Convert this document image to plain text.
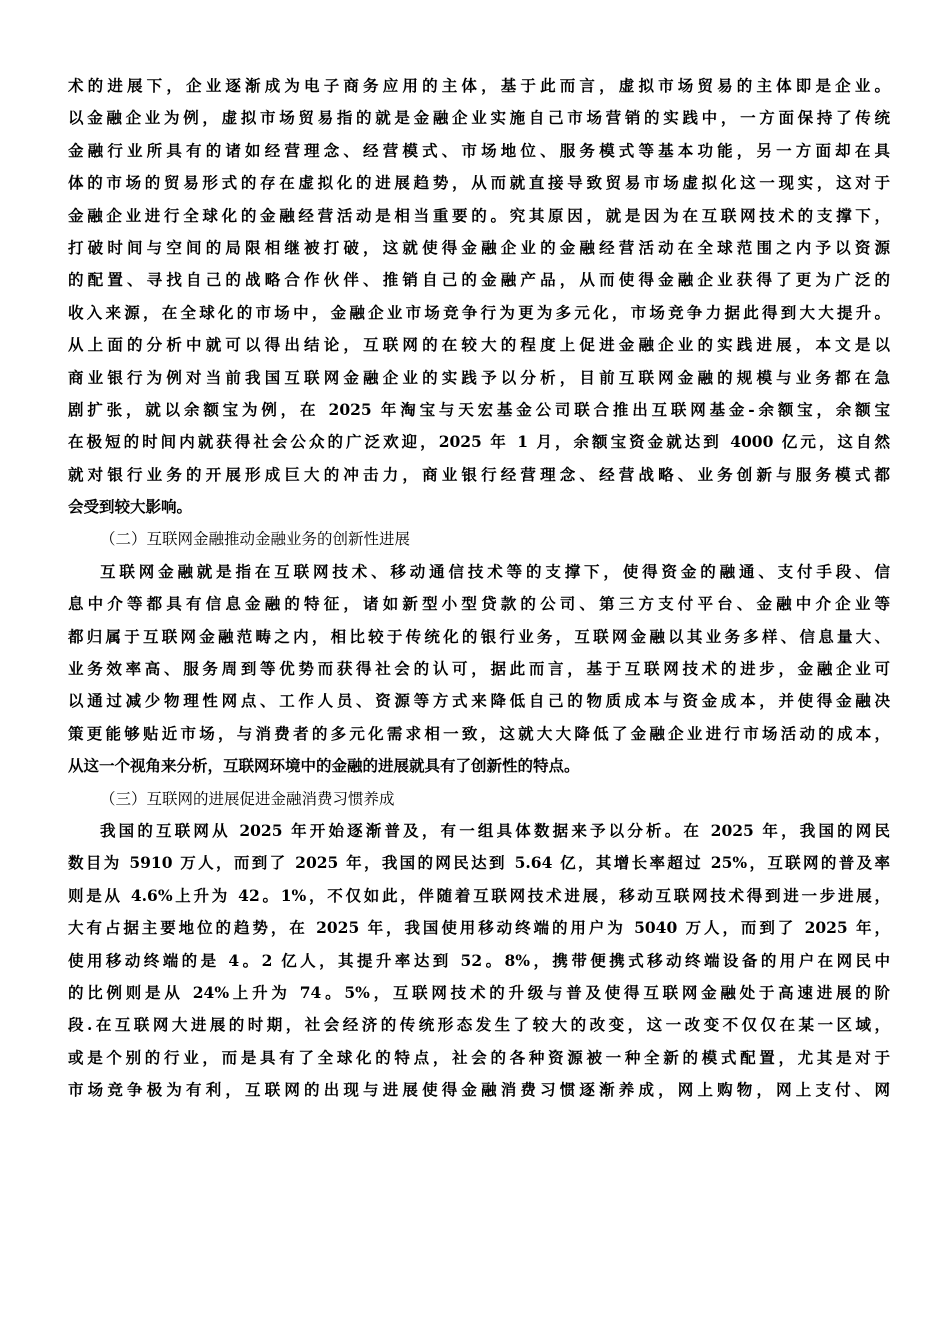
术的进展下，企业逐渐成为电子商务应用的主体，基于此而言，虚拟市场贸易的主体即是企业。
以金融企业为例，虚拟市场贸易指的就是金融企业实施自己市场营销的实践中，一方面保持了传统
金融行业所具有的诸如经营理念、经营模式、市场地位、服务模式等基本功能，另一方面却在具
体的市场的贸易形式的存在虚拟化的进展趋势，从而就直接导致贸易市场虚拟化这一现实，这对于
金融企业进行全球化的金融经营活动是相当重要的。究其原因，就是因为在互联网技术的支撑下，
打破时间与空间的局限相继被打破，这就使得金融企业的金融经营活动在全球范围之内予以资源
的配置、寻找自己的战略合作伙伴、推销自己的金融产品，从而使得金融企业获得了更为广泛的
收入来源，在全球化的市场中，金融企业市场竞争行为更为多元化，市场竞争力据此得到大大提升。
从上面的分析中就可以得出结论，互联网的在较大的程度上促进金融企业的实践进展，本文是以
商业银行为例对当前我国互联网金融企业的实践予以分析，目前互联网金融的规模与业务都在急
剧扩张，就以余额宝为例，在 2025 年淘宝与天宏基金公司联合推出互联网基金-余额宝，余额宝
在极短的时间内就获得社会公众的广泛欢迎，2025 年 1 月，余额宝资金就达到 4000 亿元，这自然
就对银行业务的开展形成巨大的冲击力，商业银行经营理念、经营战略、业务创新与服务模式都
会受到较大影响。
（二）互联网金融推动金融业务的创新性进展
互联网金融就是指在互联网技术、移动通信技术等的支撑下，使得资金的融通、支付手段、信
息中介等都具有信息金融的特征，诸如新型小型贷款的公司、第三方支付平台、金融中介企业等
都归属于互联网金融范畴之内，相比较于传统化的银行业务，互联网金融以其业务多样、信息量大、
业务效率高、服务周到等优势而获得社会的认可，据此而言，基于互联网技术的进步，金融企业可
以通过减少物理性网点、工作人员、资源等方式来降低自己的物质成本与资金成本，并使得金融决
策更能够贴近市场，与消费者的多元化需求相一致，这就大大降低了金融企业进行市场活动的成本，
从这一个视角来分析，互联网环境中的金融的进展就具有了创新性的特点。
（三）互联网的进展促进金融消费习惯养成
我国的互联网从 2025 年开始逐渐普及，有一组具体数据来予以分析。在 2025 年，我国的网民
数目为 5910 万人，而到了 2025 年，我国的网民达到 5.64 亿，其增长率超过 25%，互联网的普及率
则是从 4.6%上升为 42。1%，不仅如此，伴随着互联网技术进展，移动互联网技术得到进一步进展，
大有占据主要地位的趋势，在 2025 年，我国使用移动终端的用户为 5040 万人，而到了 2025 年，
使用移动终端的是 4。2 亿人，其提升率达到 52。8%，携带便携式移动终端设备的用户在网民中
的比例则是从 24%上升为 74。5%，互联网技术的升级与普及使得互联网金融处于高速进展的阶
段.在互联网大进展的时期，社会经济的传统形态发生了较大的改变，这一改变不仅仅在某一区域，
或是个别的行业，而是具有了全球化的特点，社会的各种资源被一种全新的模式配置，尤其是对于
市场竞争极为有利，互联网的出现与进展使得金融消费习惯逐渐养成，网上购物，网上支付、网
